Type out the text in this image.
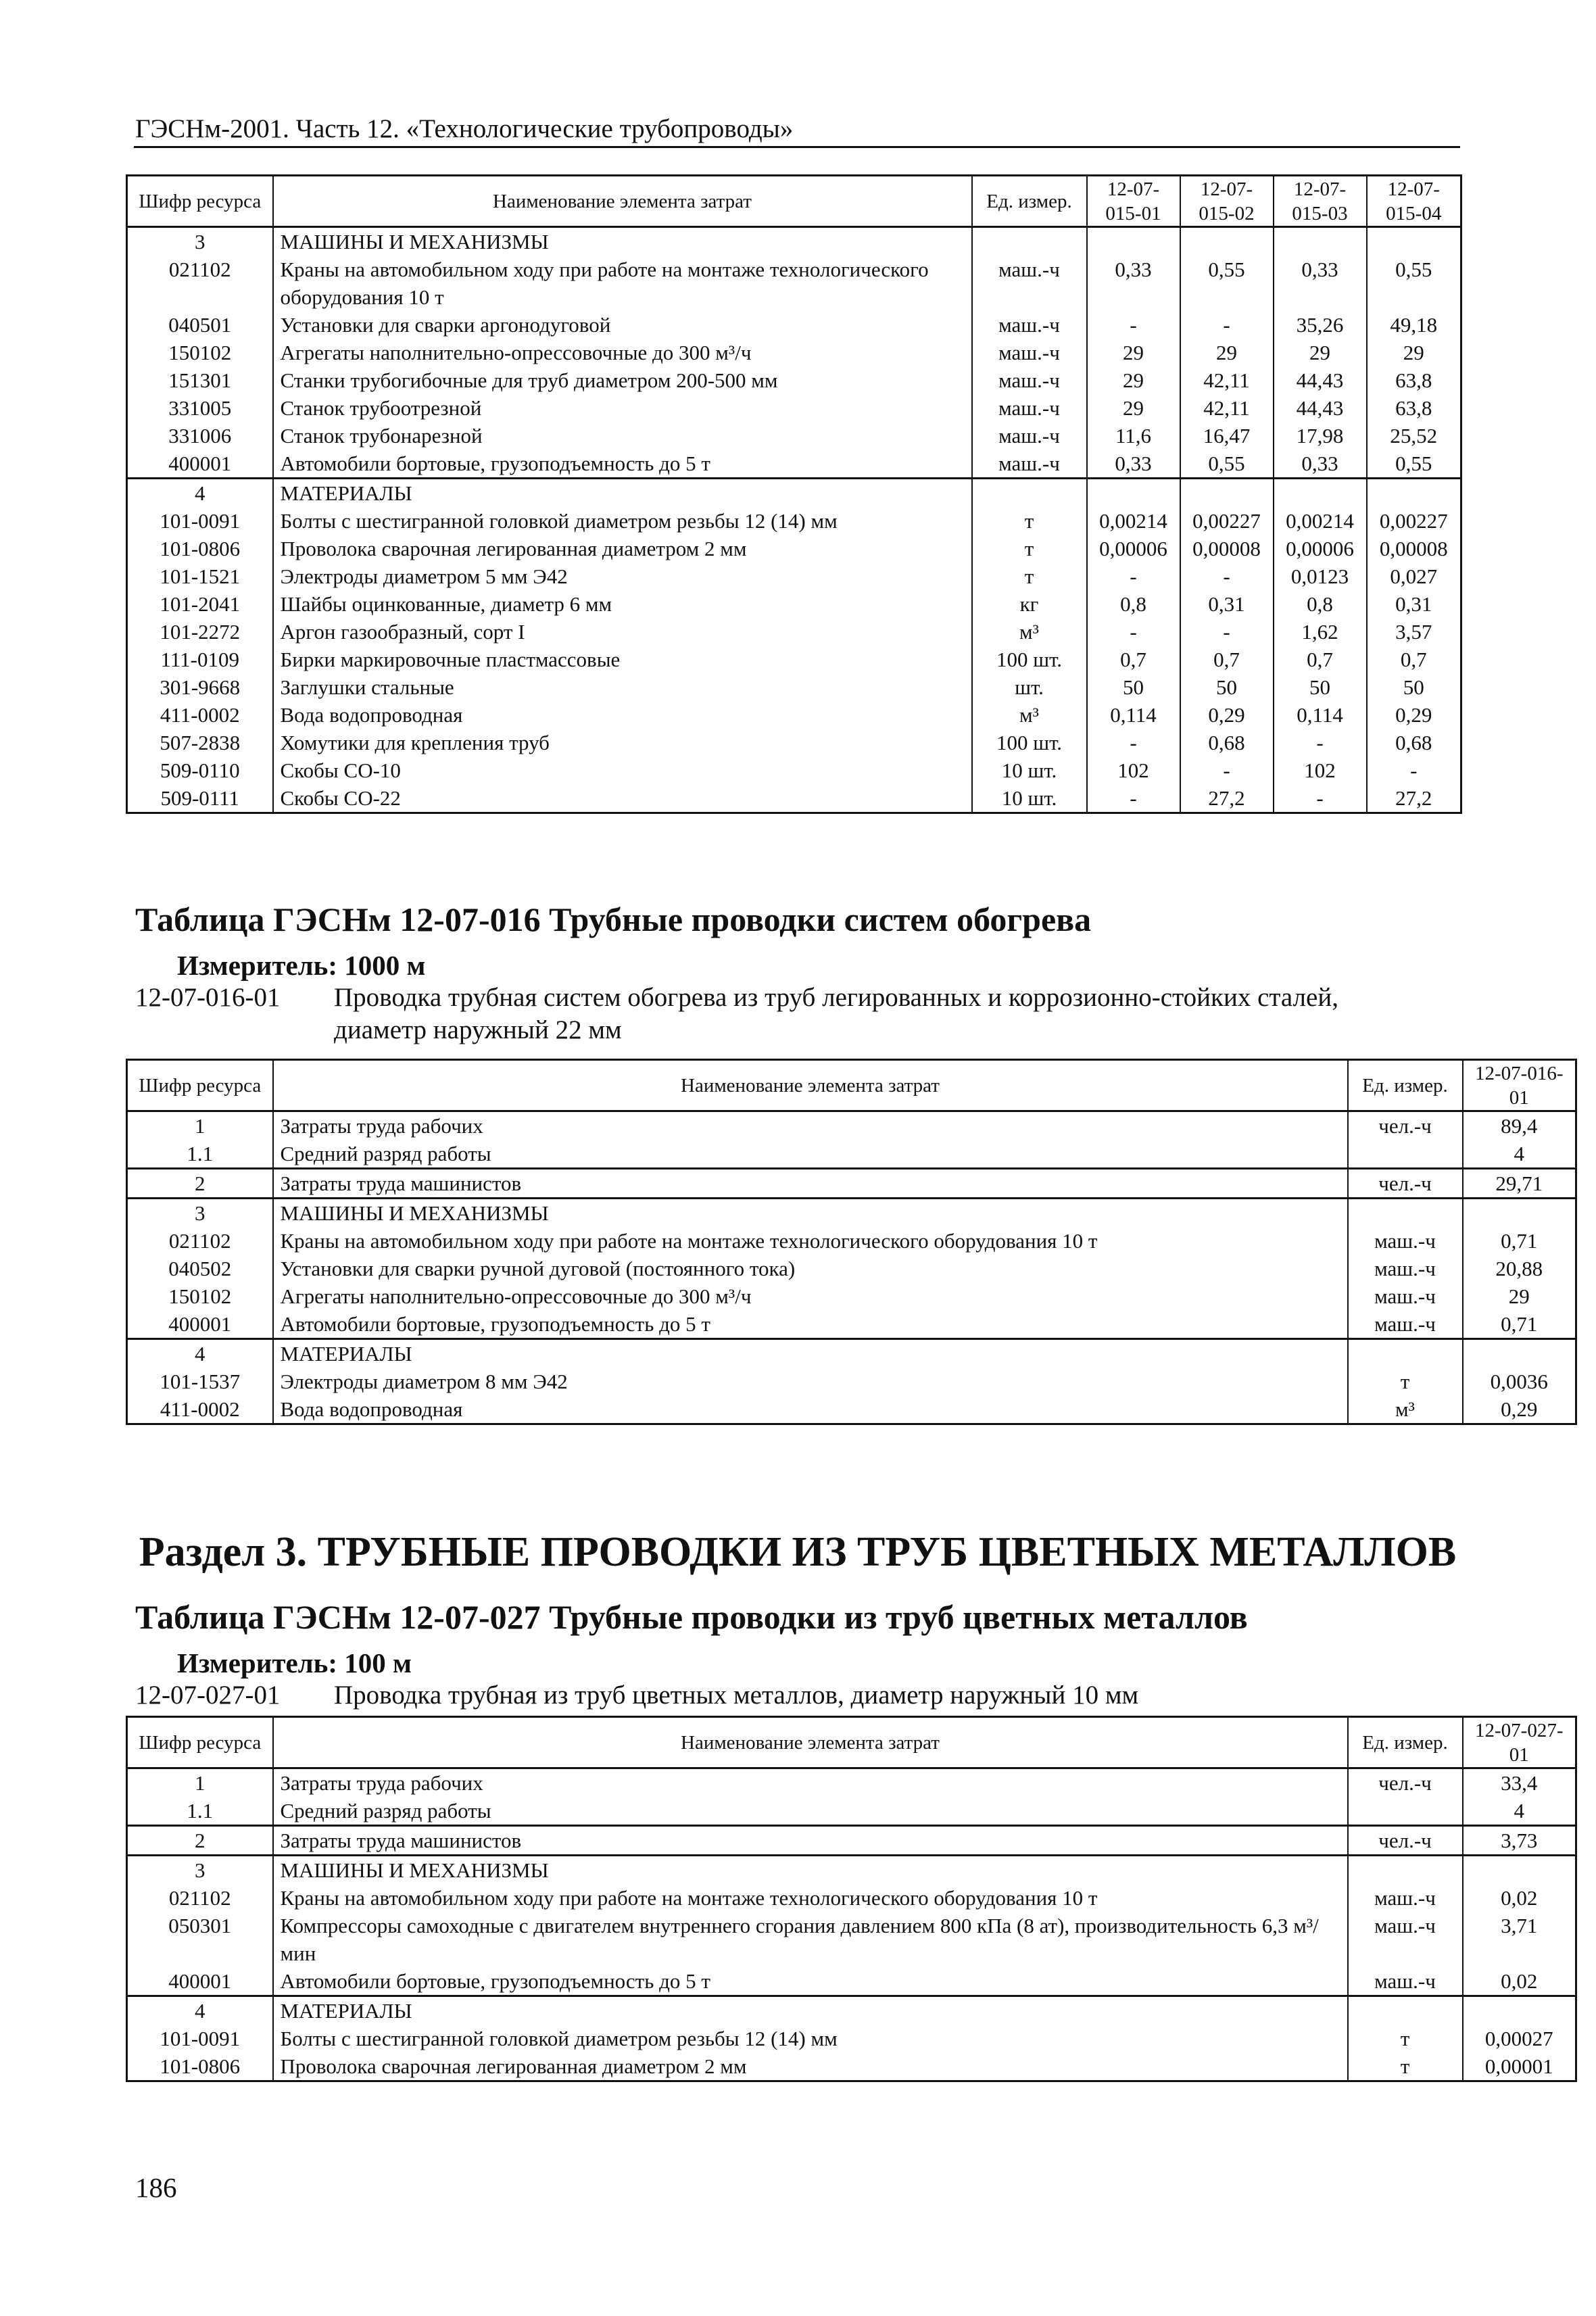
ГЭСНм-2001. Часть 12. «Технологические трубопроводы»
Шифр ресурса	Наименование элемента затрат	Ед. измер.	12-07-015-01	12-07-015-02	12-07-015-03	12-07-015-04
3	МАШИНЫ И МЕХАНИЗМЫ					
021102	Краны на автомобильном ходу при работе на монтаже технологического оборудования 10 т	маш.-ч	0,33	0,55	0,33	0,55
040501	Установки для сварки аргонодуговой	маш.-ч	-	-	35,26	49,18
150102	Агрегаты наполнительно-опрессовочные до 300 м³/ч	маш.-ч	29	29	29	29
151301	Станки трубогибочные для труб диаметром 200-500 мм	маш.-ч	29	42,11	44,43	63,8
331005	Станок трубоотрезной	маш.-ч	29	42,11	44,43	63,8
331006	Станок трубонарезной	маш.-ч	11,6	16,47	17,98	25,52
400001	Автомобили бортовые, грузоподъемность до 5 т	маш.-ч	0,33	0,55	0,33	0,55
4	МАТЕРИАЛЫ					
101-0091	Болты с шестигранной головкой диаметром резьбы 12 (14) мм	т	0,00214	0,00227	0,00214	0,00227
101-0806	Проволока сварочная легированная диаметром 2 мм	т	0,00006	0,00008	0,00006	0,00008
101-1521	Электроды диаметром 5 мм Э42	т	-	-	0,0123	0,027
101-2041	Шайбы оцинкованные, диаметр 6 мм	кг	0,8	0,31	0,8	0,31
101-2272	Аргон газообразный, сорт I	м³	-	-	1,62	3,57
111-0109	Бирки маркировочные пластмассовые	100 шт.	0,7	0,7	0,7	0,7
301-9668	Заглушки стальные	шт.	50	50	50	50
411-0002	Вода водопроводная	м³	0,114	0,29	0,114	0,29
507-2838	Хомутики для крепления труб	100 шт.	-	0,68	-	0,68
509-0110	Скобы СО-10	10 шт.	102	-	102	-
509-0111	Скобы СО-22	10 шт.	-	27,2	-	27,2
Таблица ГЭСНм 12-07-016 Трубные проводки систем обогрева
Измеритель: 1000 м
12-07-016-01 Проводка трубная систем обогрева из труб легированных и коррозионно-стойких сталей, диаметр наружный 22 мм
Шифр ресурса	Наименование элемента затрат	Ед. измер.	12-07-016-01
1	Затраты труда рабочих	чел.-ч	89,4
1.1	Средний разряд работы		4
2	Затраты труда машинистов	чел.-ч	29,71
3	МАШИНЫ И МЕХАНИЗМЫ		
021102	Краны на автомобильном ходу при работе на монтаже технологического оборудования 10 т	маш.-ч	0,71
040502	Установки для сварки ручной дуговой (постоянного тока)	маш.-ч	20,88
150102	Агрегаты наполнительно-опрессовочные до 300 м³/ч	маш.-ч	29
400001	Автомобили бортовые, грузоподъемность до 5 т	маш.-ч	0,71
4	МАТЕРИАЛЫ		
101-1537	Электроды диаметром 8 мм Э42	т	0,0036
411-0002	Вода водопроводная	м³	0,29
Раздел 3. ТРУБНЫЕ ПРОВОДКИ ИЗ ТРУБ ЦВЕТНЫХ МЕТАЛЛОВ
Таблица ГЭСНм 12-07-027 Трубные проводки из труб цветных металлов
Измеритель: 100 м
12-07-027-01 Проводка трубная из труб цветных металлов, диаметр наружный 10 мм
Шифр ресурса	Наименование элемента затрат	Ед. измер.	12-07-027-01
1	Затраты труда рабочих	чел.-ч	33,4
1.1	Средний разряд работы		4
2	Затраты труда машинистов	чел.-ч	3,73
3	МАШИНЫ И МЕХАНИЗМЫ		
021102	Краны на автомобильном ходу при работе на монтаже технологического оборудования 10 т	маш.-ч	0,02
050301	Компрессоры самоходные с двигателем внутреннего сгорания давлением 800 кПа (8 ат), производительность 6,3 м³/мин	маш.-ч	3,71
400001	Автомобили бортовые, грузоподъемность до 5 т	маш.-ч	0,02
4	МАТЕРИАЛЫ		
101-0091	Болты с шестигранной головкой диаметром резьбы 12 (14) мм	т	0,00027
101-0806	Проволока сварочная легированная диаметром 2 мм	т	0,00001
186
